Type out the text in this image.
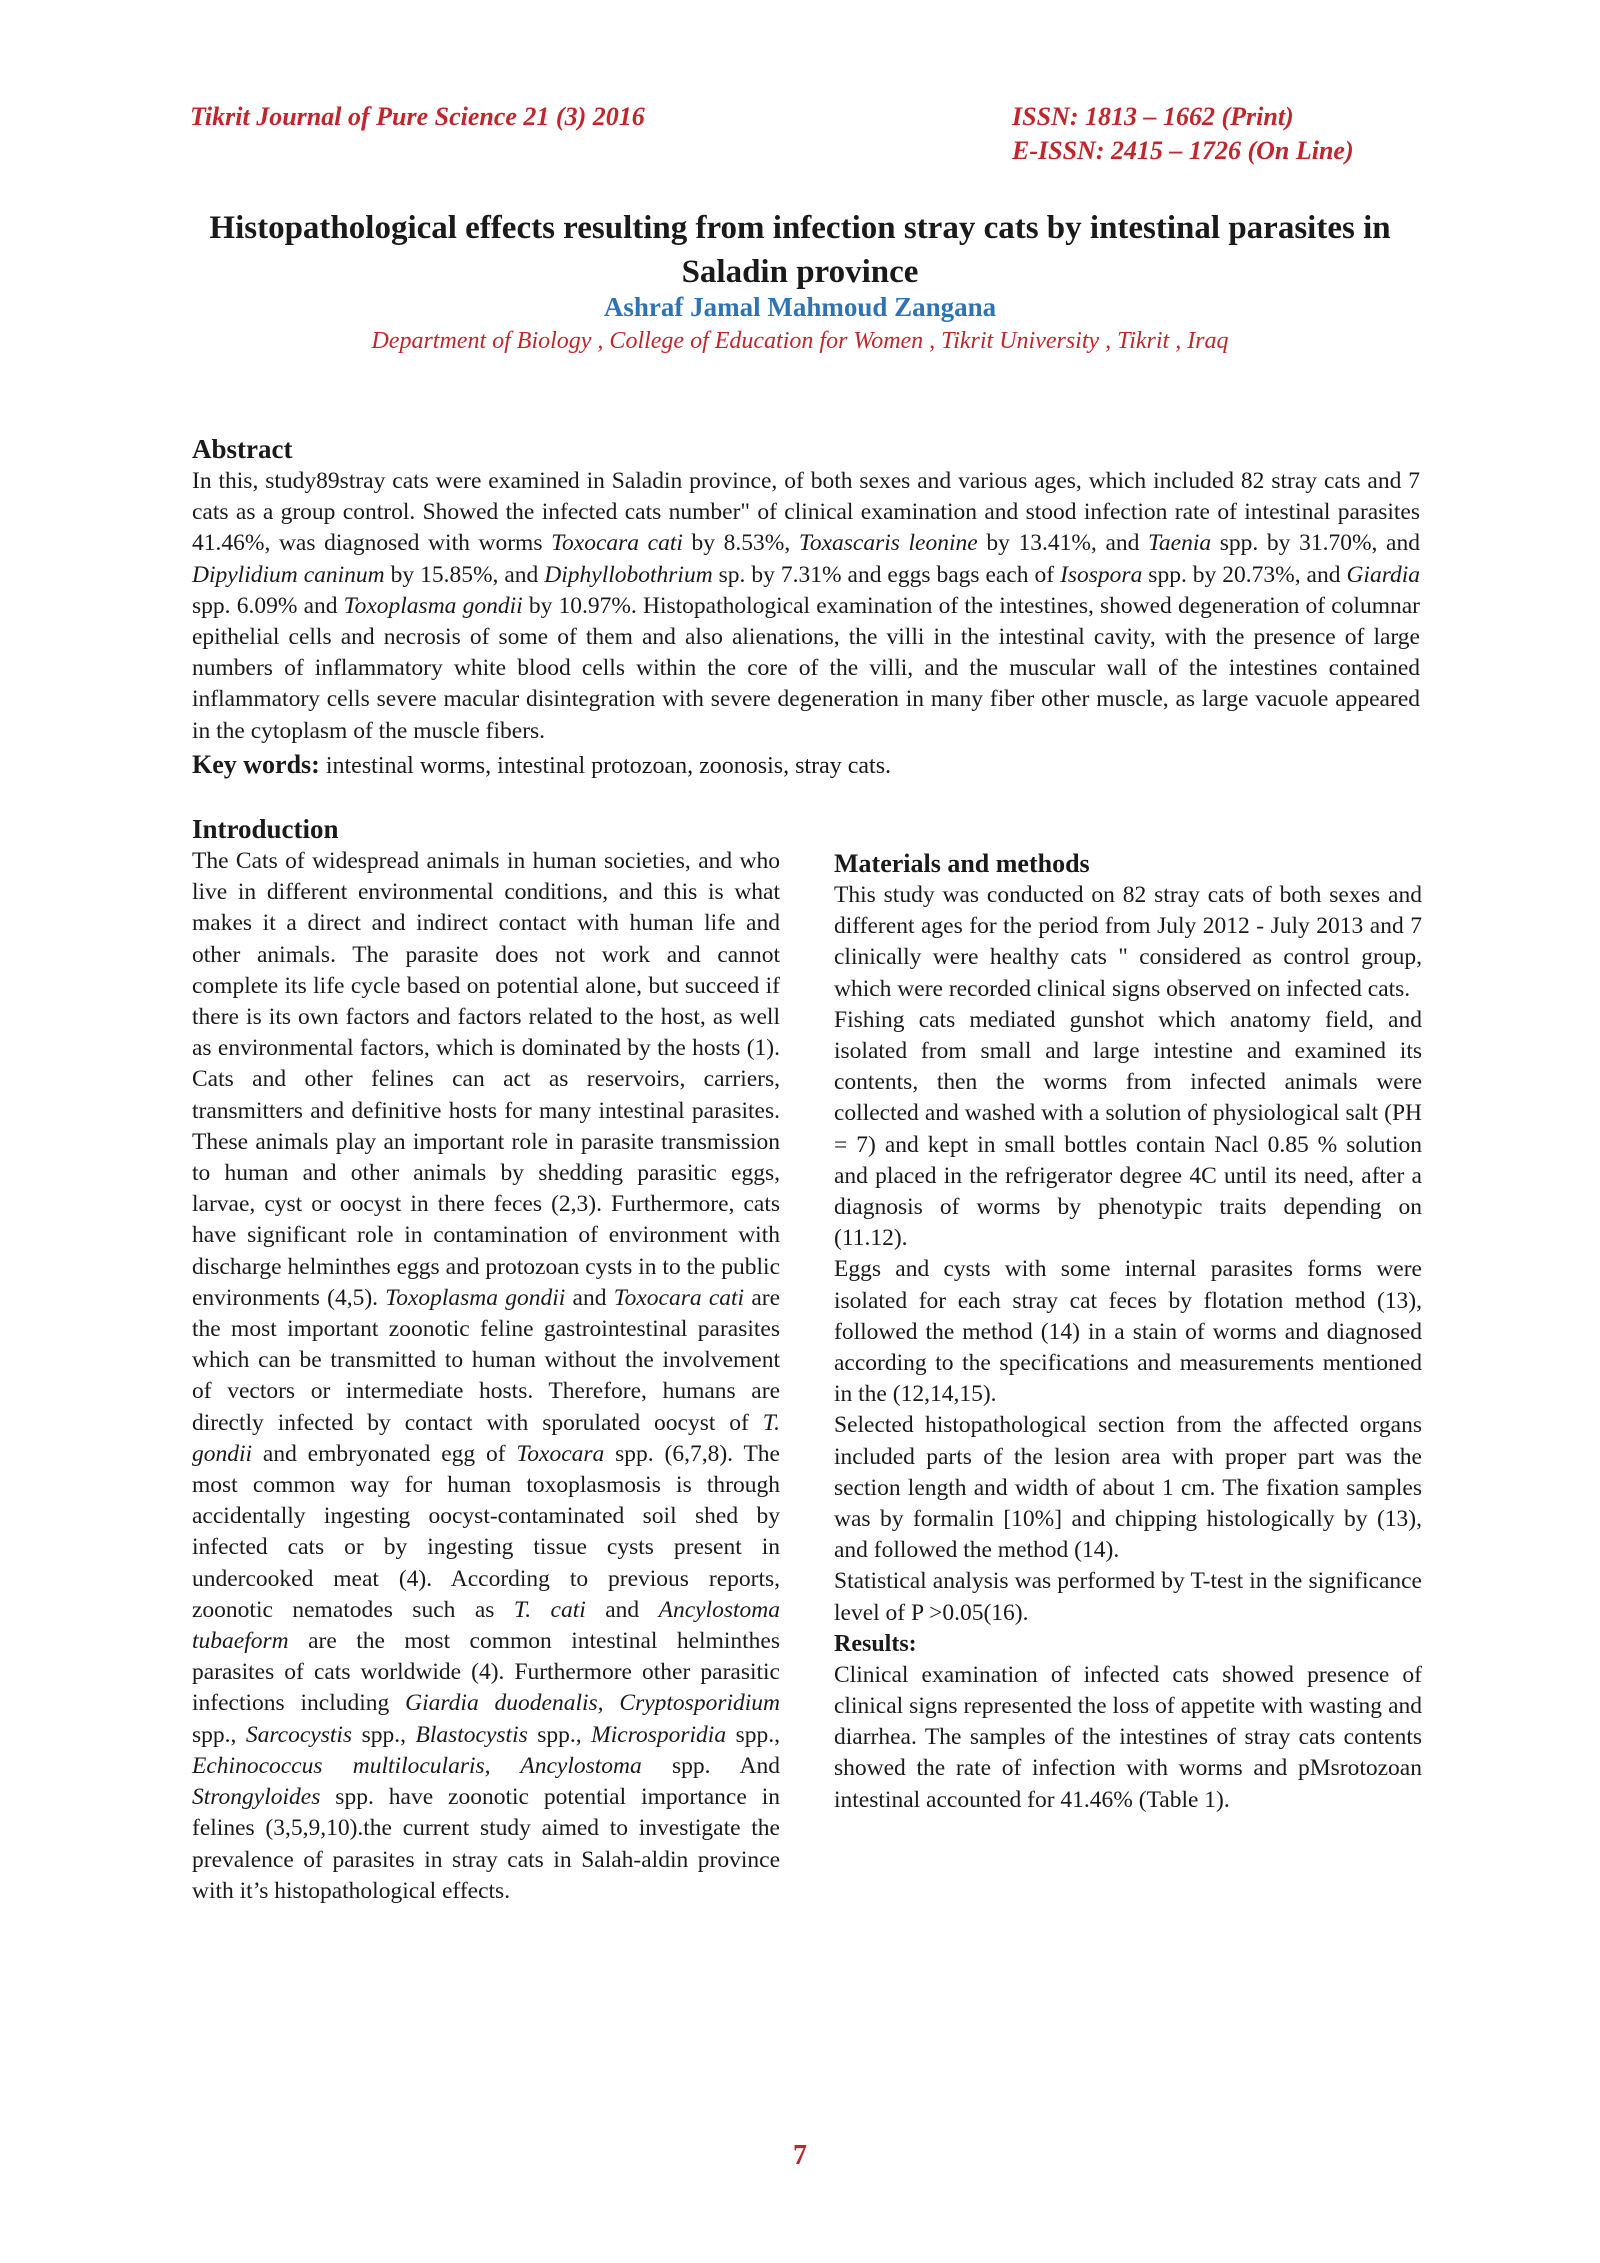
Tikrit Journal of Pure Science 21 (3) 2016	ISSN: 1813 – 1662 (Print)
E-ISSN: 2415 – 1726 (On Line)
Histopathological effects resulting from infection stray cats by intestinal parasites in Saladin province
Ashraf Jamal Mahmoud Zangana
Department of Biology , College of Education for Women , Tikrit University , Tikrit , Iraq
Abstract

In this, study89stray cats were examined in Saladin province, of both sexes and various ages, which included 82 stray cats and 7 cats as a group control. Showed the infected cats number" of clinical examination and stood infection rate of intestinal parasites 41.46%, was diagnosed with worms Toxocara cati by 8.53%, Toxascaris leonine by 13.41%, and Taenia spp. by 31.70%, and Dipylidium caninum by 15.85%, and Diphyllobothrium sp. by 7.31% and eggs bags each of Isospora spp. by 20.73%, and Giardia spp. 6.09% and Toxoplasma gondii by 10.97%. Histopathological examination of the intestines, showed degeneration of columnar epithelial cells and necrosis of some of them and also alienations, the villi in the intestinal cavity, with the presence of large numbers of inflammatory white blood cells within the core of the villi, and the muscular wall of the intestines contained inflammatory cells severe macular disintegration with severe degeneration in many fiber other muscle, as large vacuole appeared in the cytoplasm of the muscle fibers.

Key words: intestinal worms, intestinal protozoan, zoonosis, stray cats.

Introduction

The Cats of widespread animals in human societies, and who live in different environmental conditions, and this is what makes it a direct and indirect contact with human life and other animals. The parasite does not work and cannot complete its life cycle based on potential alone, but succeed if there is its own factors and factors related to the host, as well as environmental factors, which is dominated by the hosts (1). Cats and other felines can act as reservoirs, carriers, transmitters and definitive hosts for many intestinal parasites. These animals play an important role in parasite transmission to human and other animals by shedding parasitic eggs, larvae, cyst or oocyst in there feces (2,3). Furthermore, cats have significant role in contamination of environment with discharge helminthes eggs and protozoan cysts in to the public environments (4,5). Toxoplasma gondii and Toxocara cati are the most important zoonotic feline gastrointestinal parasites which can be transmitted to human without the involvement of vectors or intermediate hosts. Therefore, humans are directly infected by contact with sporulated oocyst of T. gondii and embryonated egg of Toxocara spp. (6,7,8). The most common way for human toxoplasmosis is through accidentally ingesting oocyst-contaminated soil shed by infected cats or by ingesting tissue cysts present in undercooked meat (4). According to previous reports, zoonotic nematodes such as T. cati and Ancylostoma tubaeform are the most common intestinal helminthes parasites of cats worldwide (4). Furthermore other parasitic infections including Giardia duodenalis, Cryptosporidium spp., Sarcocystis spp., Blastocystis spp., Microsporidia spp., Echinococcus multilocularis, Ancylostoma spp. And Strongyloides spp. have zoonotic potential importance in felines (3,5,9,10).the current study aimed to investigate the prevalence of parasites in stray cats in Salah-aldin province with it’s histopathological effects.

Materials and methods

This study was conducted on 82 stray cats of both sexes and different ages for the period from July 2012 - July 2013 and 7 clinically were healthy cats " considered as control group, which were recorded clinical signs observed on infected cats.

Fishing cats mediated gunshot which anatomy field, and isolated from small and large intestine and examined its contents, then the worms from infected animals were collected and washed with a solution of physiological salt (PH = 7) and kept in small bottles contain Nacl 0.85 % solution and placed in the refrigerator degree 4C until its need, after a diagnosis of worms by phenotypic traits depending on (11.12).

Eggs and cysts with some internal parasites forms were isolated for each stray cat feces by flotation method (13), followed the method (14) in a stain of worms and diagnosed according to the specifications and measurements mentioned in the (12,14,15).

Selected histopathological section from the affected organs included parts of the lesion area with proper part was the section length and width of about 1 cm. The fixation samples was by formalin [10%] and chipping histologically by (13), and followed the method (14).

Statistical analysis was performed by T-test in the significance level of P >0.05(16).

Results:

Clinical examination of infected cats showed presence of clinical signs represented the loss of appetite with wasting and diarrhea. The samples of the intestines of stray cats contents showed the rate of infection with worms and pMsrotozoan intestinal accounted for 41.46% (Table 1).

7
